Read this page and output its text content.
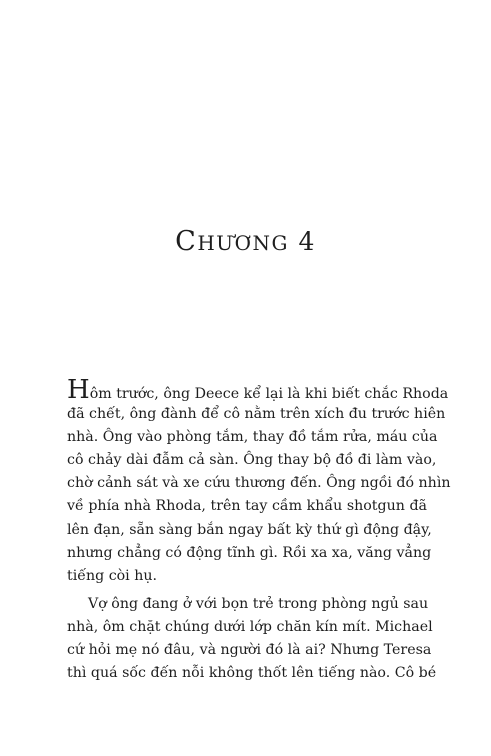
CHƯƠNG 4
Hôm trước, ông Deece kể lại là khi biết chắc Rhoda
đã chết, ông đành để cô nằm trên xích đu trước hiên
nhà. Ông vào phòng tắm, thay đồ tắm rửa, máu của
cô chảy dài đẫm cả sàn. Ông thay bộ đồ đi làm vào,
chờ cảnh sát và xe cứu thương đến. Ông ngồi đó nhìn
về phía nhà Rhoda, trên tay cầm khẩu shotgun đã
lên đạn, sẵn sàng bắn ngay bất kỳ thứ gì động đậy,
nhưng chẳng có động tĩnh gì. Rồi xa xa, văng vẳng
tiếng còi hụ.
Vợ ông đang ở với bọn trẻ trong phòng ngủ sau
nhà, ôm chặt chúng dưới lớp chăn kín mít. Michael
cứ hỏi mẹ nó đâu, và người đó là ai? Nhưng Teresa
thì quá sốc đến nỗi không thốt lên tiếng nào. Cô bé
